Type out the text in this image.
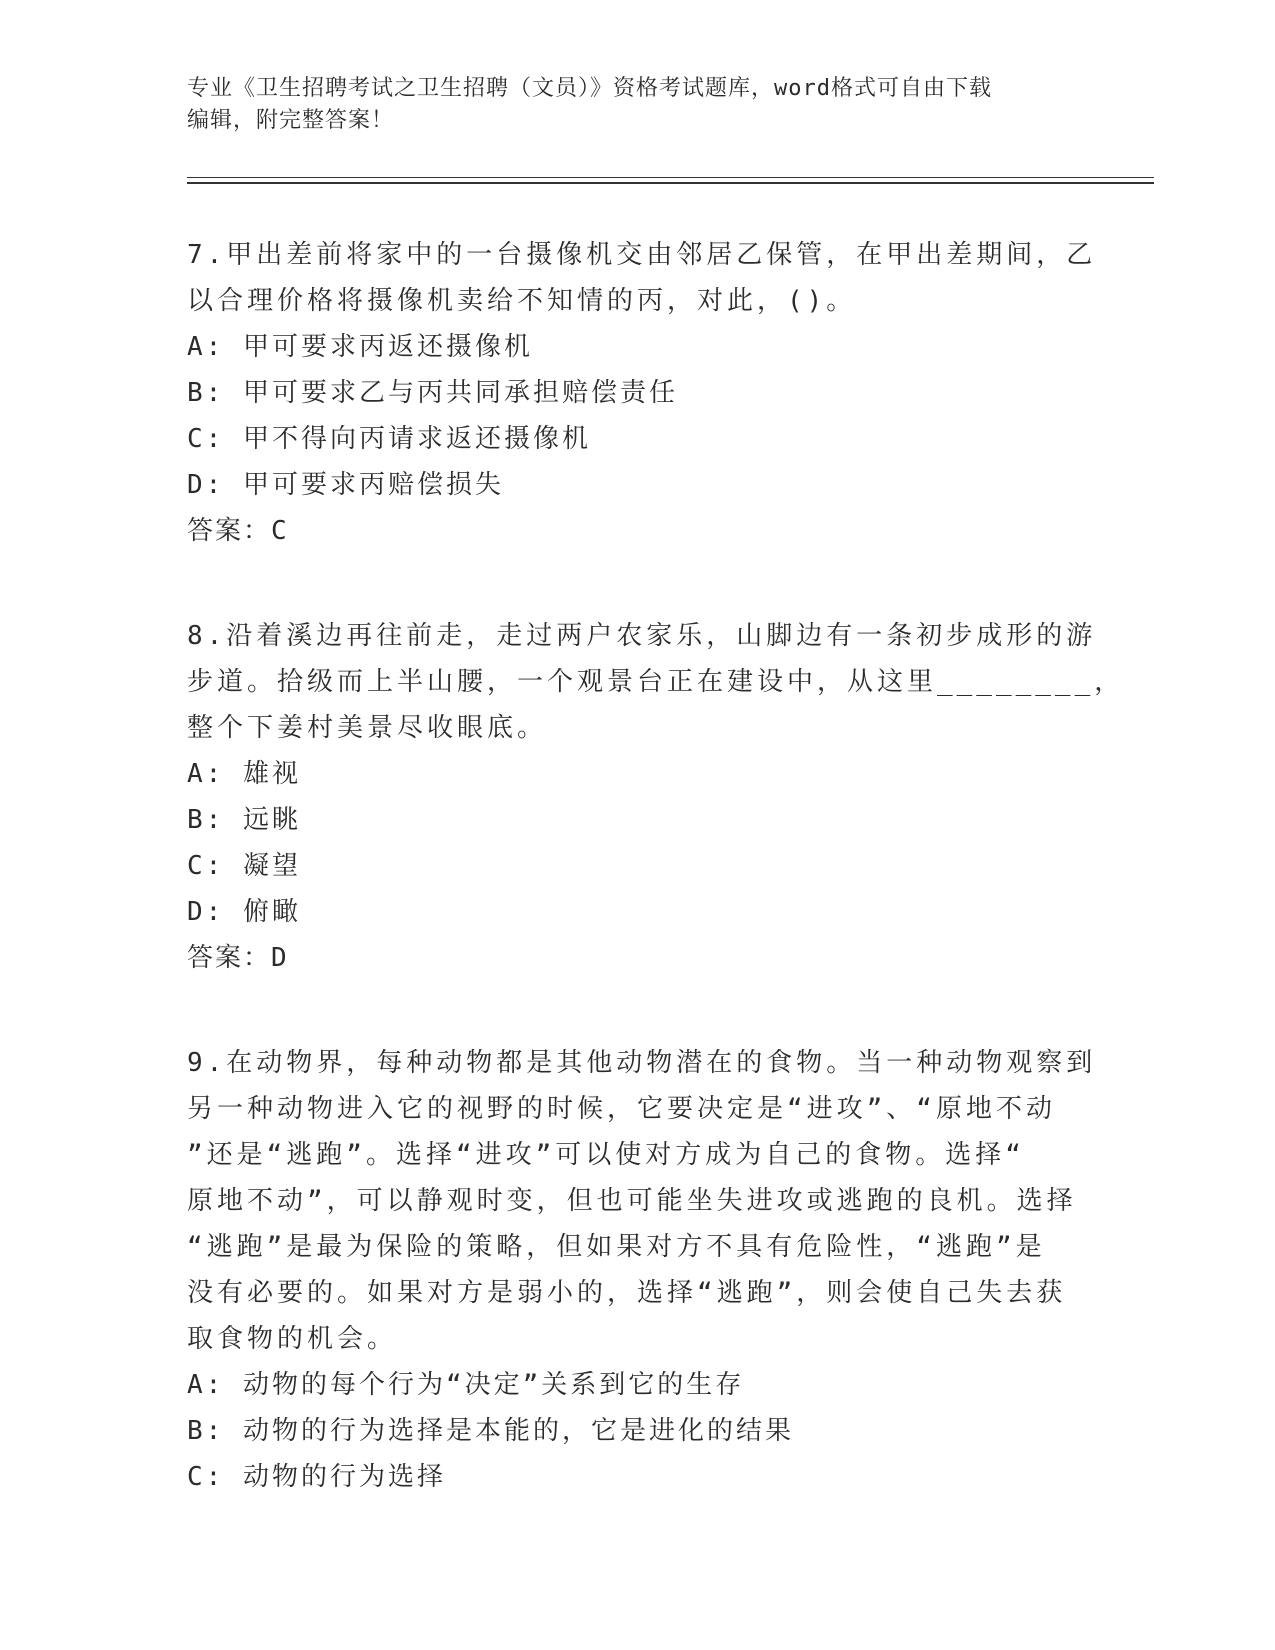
专业《卫生招聘考试之卫生招聘（文员）》资格考试题库，word格式可自由下载

编辑，附完整答案！

7.甲出差前将家中的一台摄像机交由邻居乙保管，在甲出差期间，乙

以合理价格将摄像机卖给不知情的丙，对此，()。

A: 甲可要求丙返还摄像机

B: 甲可要求乙与丙共同承担赔偿责任

C: 甲不得向丙请求返还摄像机

D: 甲可要求丙赔偿损失

答案：C

8.沿着溪边再往前走，走过两户农家乐，山脚边有一条初步成形的游

步道。拾级而上半山腰，一个观景台正在建设中，从这里________，

整个下姜村美景尽收眼底。

A: 雄视

B: 远眺

C: 凝望

D: 俯瞰

答案：D

9.在动物界，每种动物都是其他动物潜在的食物。当一种动物观察到

另一种动物进入它的视野的时候，它要决定是“进攻”、“原地不动

”还是“逃跑”。选择“进攻”可以使对方成为自己的食物。选择“

原地不动”，可以静观时变，但也可能坐失进攻或逃跑的良机。选择

“逃跑”是最为保险的策略，但如果对方不具有危险性，“逃跑”是

没有必要的。如果对方是弱小的，选择“逃跑”，则会使自己失去获

取食物的机会。

A: 动物的每个行为“决定”关系到它的生存

B: 动物的行为选择是本能的，它是进化的结果

C: 动物的行为选择
